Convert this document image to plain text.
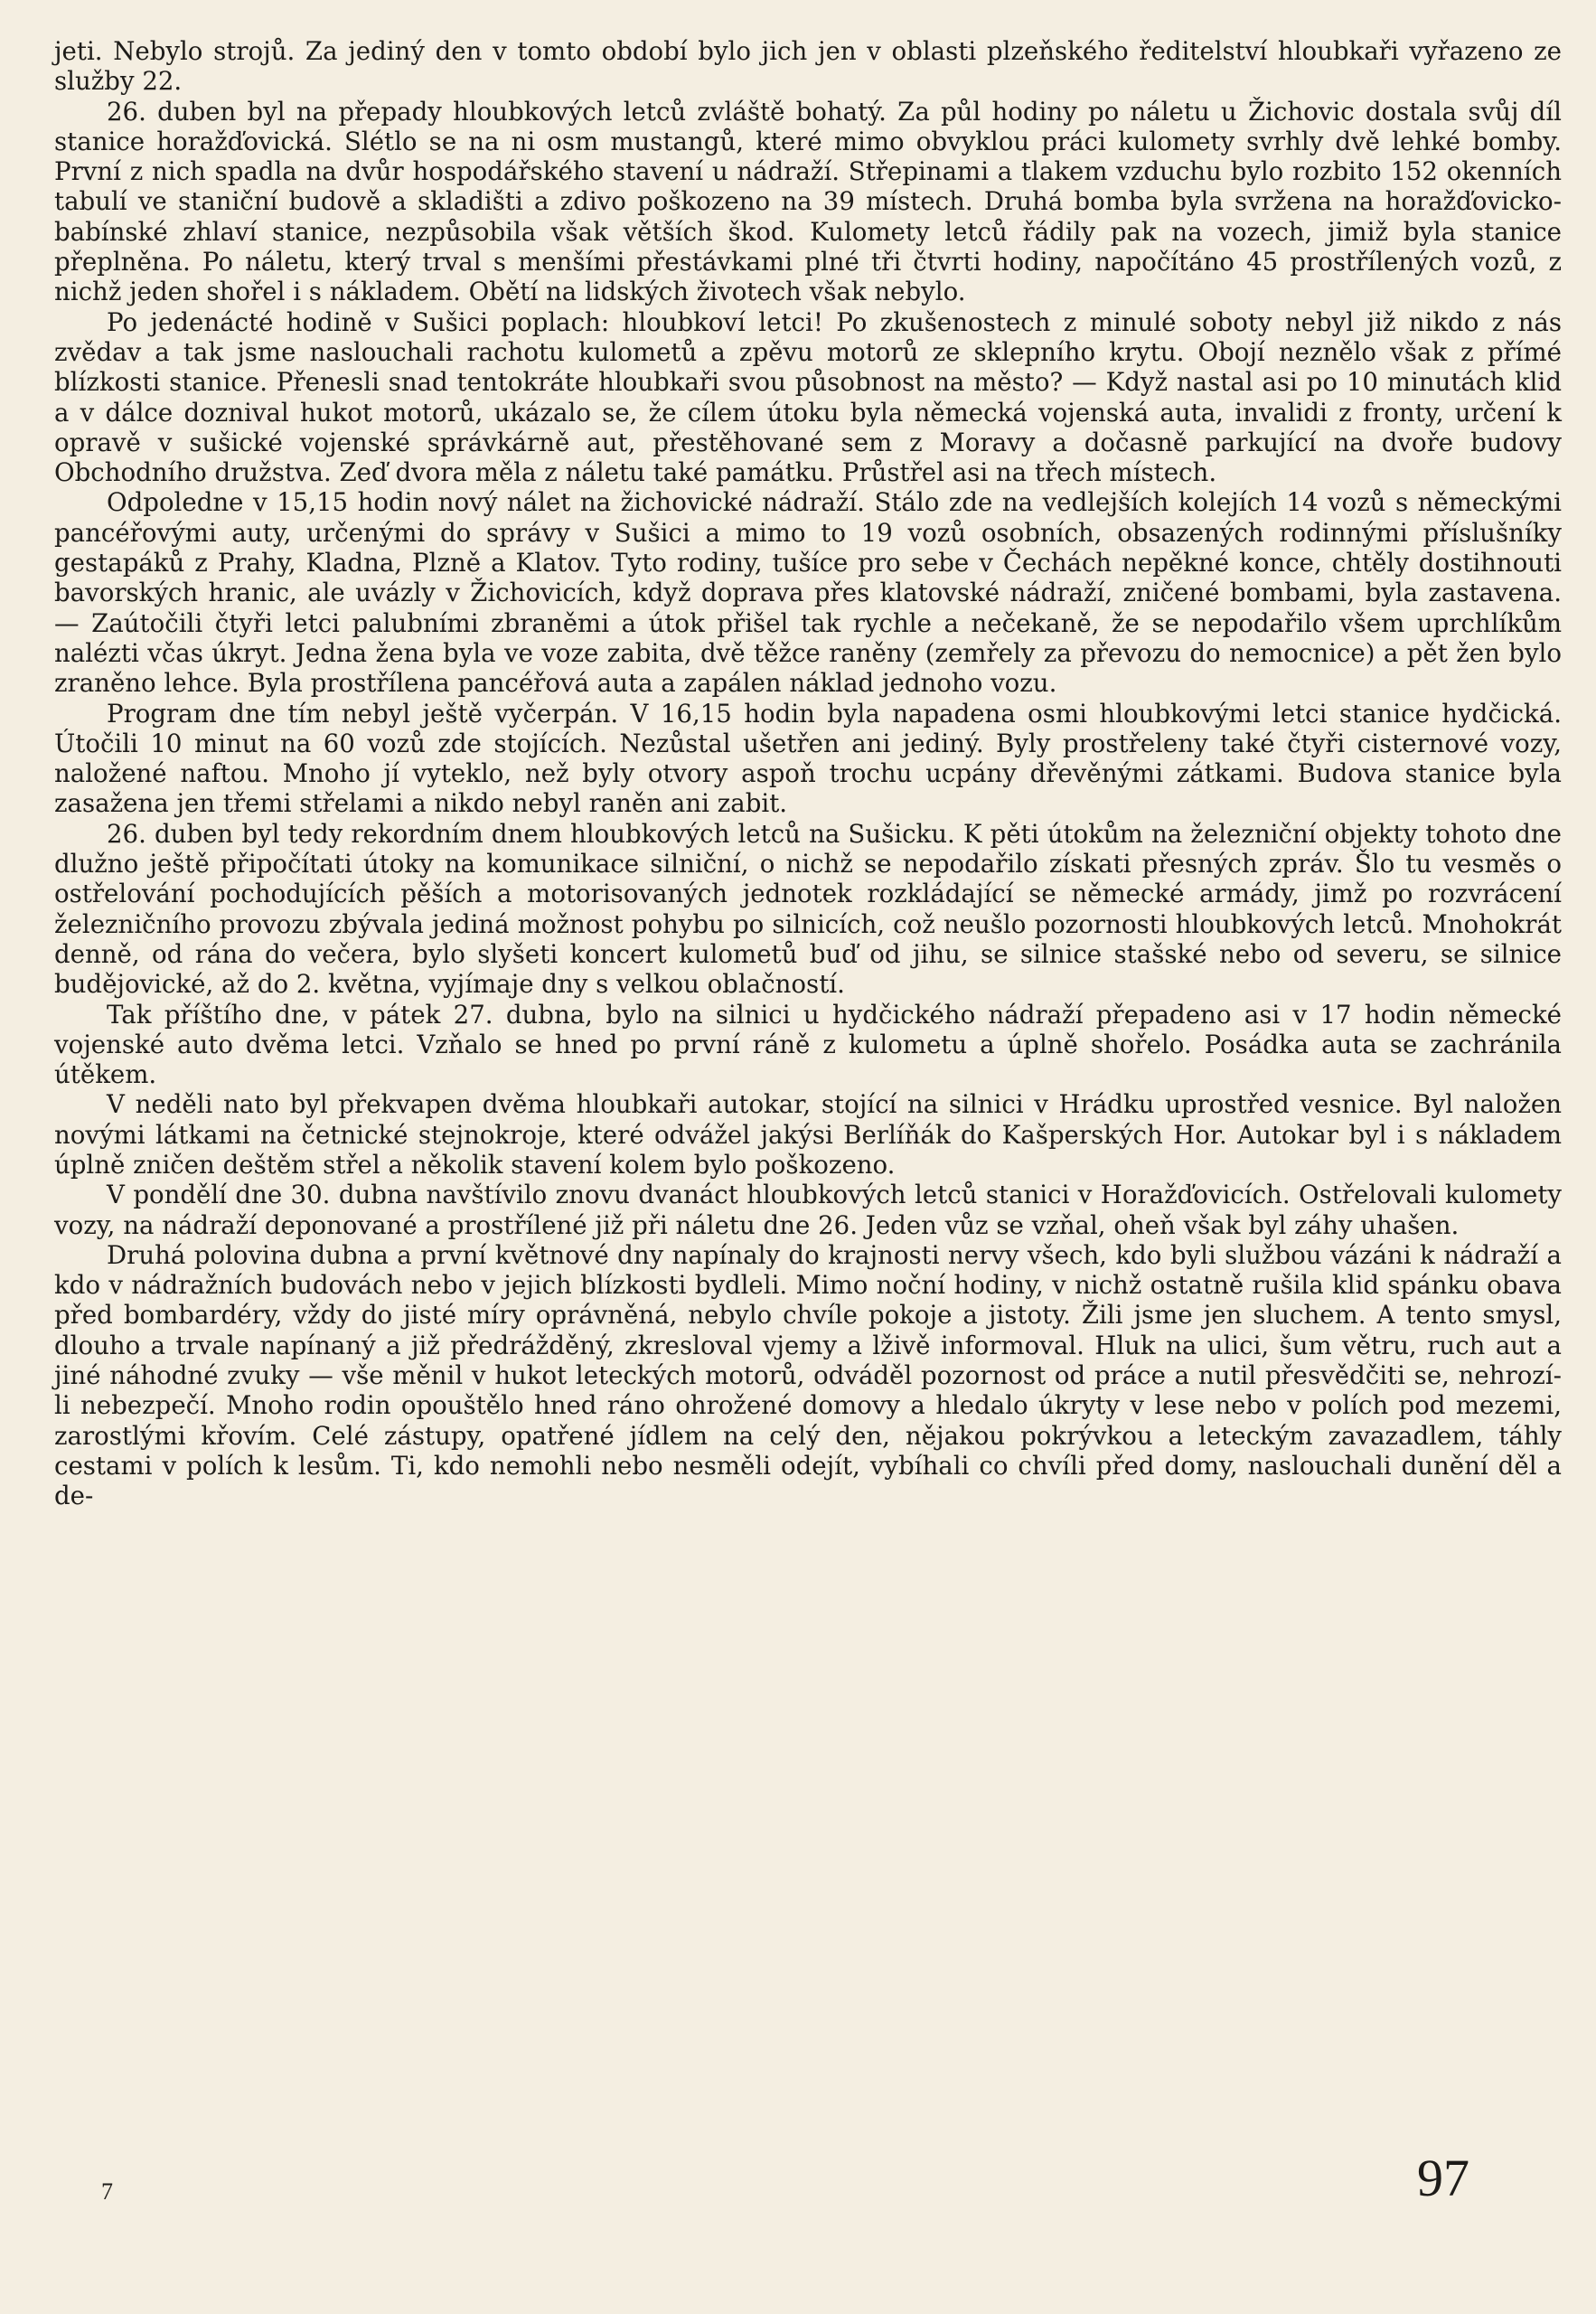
jeti. Nebylo strojů. Za jediný den v tomto období bylo jich jen v oblasti plzeňského ředitelství hloubkaři vyřazeno ze služby 22.

26. duben byl na přepady hloubkových letců zvláště bohatý. Za půl hodiny po náletu u Žichovic dostala svůj díl stanice horažďovická. Slétlo se na ni osm mustangů, které mimo obvyklou práci kulomety svrhly dvě lehké bomby. První z nich spadla na dvůr hospodářského stavení u nádraží. Střepinami a tlakem vzduchu bylo rozbito 152 okenních tabulí ve staniční budově a skladišti a zdivo poškozeno na 39 místech. Druhá bomba byla svržena na horažďovicko-babínské zhlaví stanice, nezpůsobila však větších škod. Kulomety letců řádily pak na vozech, jimiž byla stanice přeplněna. Po náletu, který trval s menšími přestávkami plné tři čtvrti hodiny, napočítáno 45 prostřílených vozů, z nichž jeden shořel i s nákladem. Obětí na lidských životech však nebylo.

Po jedenácté hodině v Sušici poplach: hloubkoví letci! Po zkušenostech z minulé soboty nebyl již nikdo z nás zvědav a tak jsme naslouchali rachotu kulometů a zpěvu motorů ze sklepního krytu. Obojí neznělo však z přímé blízkosti stanice. Přenesli snad tentokráte hloubkaři svou působnost na město? — Když nastal asi po 10 minutách klid a v dálce doznival hukot motorů, ukázalo se, že cílem útoku byla německá vojenská auta, invalidi z fronty, určení k opravě v sušické vojenské správkárně aut, přestěhované sem z Moravy a dočasně parkující na dvoře budovy Obchodního družstva. Zeď dvora měla z náletu také památku. Průstřel asi na třech místech.

Odpoledne v 15,15 hodin nový nálet na žichovické nádraží. Stálo zde na vedlejších kolejích 14 vozů s německými pancéřovými auty, určenými do správy v Sušici a mimo to 19 vozů osobních, obsazených rodinnými příslušníky gestapáků z Prahy, Kladna, Plzně a Klatov. Tyto rodiny, tušíce pro sebe v Čechách nepěkné konce, chtěly dostihnouti bavorských hranic, ale uvázly v Žichovicích, když doprava přes klatovské nádraží, zničené bombami, byla zastavena. — Zaútočili čtyři letci palubními zbraněmi a útok přišel tak rychle a nečekaně, že se nepodařilo všem uprchlíkům nalézti včas úkryt. Jedna žena byla ve voze zabita, dvě těžce raněny (zemřely za převozu do nemocnice) a pět žen bylo zraněno lehce. Byla prostřílena pancéřová auta a zapálen náklad jednoho vozu.

Program dne tím nebyl ještě vyčerpán. V 16,15 hodin byla napadena osmi hloubkovými letci stanice hydčická. Útočili 10 minut na 60 vozů zde stojících. Nezůstal ušetřen ani jediný. Byly prostřeleny také čtyři cisternové vozy, naložené naftou. Mnoho jí vyteklo, než byly otvory aspoň trochu ucpány dřevěnými zátkami. Budova stanice byla zasažena jen třemi střelami a nikdo nebyl raněn ani zabit.

26. duben byl tedy rekordním dnem hloubkových letců na Sušicku. K pěti útokům na železniční objekty tohoto dne dlužno ještě připočítati útoky na komunikace silniční, o nichž se nepodařilo získati přesných zpráv. Šlo tu vesměs o ostřelování pochodujících pěších a motorisovaných jednotek rozkládající se německé armády, jimž po rozvrácení železničního provozu zbývala jediná možnost pohybu po silnicích, což neušlo pozornosti hloubkových letců. Mnohokrát denně, od rána do večera, bylo slyšeti koncert kulometů buď od jihu, se silnice stašské nebo od severu, se silnice budějovické, až do 2. května, vyjímaje dny s velkou oblačností.

Tak příštího dne, v pátek 27. dubna, bylo na silnici u hydčického nádraží přepadeno asi v 17 hodin německé vojenské auto dvěma letci. Vzňalo se hned po první ráně z kulometu a úplně shořelo. Posádka auta se zachránila útěkem.

V neděli nato byl překvapen dvěma hloubkaři autokar, stojící na silnici v Hrádku uprostřed vesnice. Byl naložen novými látkami na četnické stejnokroje, které odvážel jakýsi Berlíňák do Kašperských Hor. Autokar byl i s nákladem úplně zničen deštěm střel a několik stavení kolem bylo poškozeno.

V pondělí dne 30. dubna navštívilo znovu dvanáct hloubkových letců stanici v Horažďovicích. Ostřelovali kulomety vozy, na nádraží deponované a prostřílené již při náletu dne 26. Jeden vůz se vzňal, oheň však byl záhy uhašen.

Druhá polovina dubna a první květnové dny napínaly do krajnosti nervy všech, kdo byli službou vázáni k nádraží a kdo v nádražních budovách nebo v jejich blízkosti bydleli. Mimo noční hodiny, v nichž ostatně rušila klid spánku obava před bombardéry, vždy do jisté míry oprávněná, nebylo chvíle pokoje a jistoty. Žili jsme jen sluchem. A tento smysl, dlouho a trvale napínaný a již předrážděný, zkresloval vjemy a lživě informoval. Hluk na ulici, šum větru, ruch aut a jiné náhodné zvuky — vše měnil v hukot leteckých motorů, odváděl pozornost od práce a nutil přesvědčiti se, nehrozí-li nebezpečí. Mnoho rodin opouštělo hned ráno ohrožené domovy a hledalo úkryty v lese nebo v polích pod mezemi, zarostlými křovím. Celé zástupy, opatřené jídlem na celý den, nějakou pokrývkou a leteckým zavazadlem, táhly cestami v polích k lesům. Ti, kdo nemohli nebo nesměli odejít, vybíhali co chvíli před domy, naslouchali dunění děl a de-

7	97
